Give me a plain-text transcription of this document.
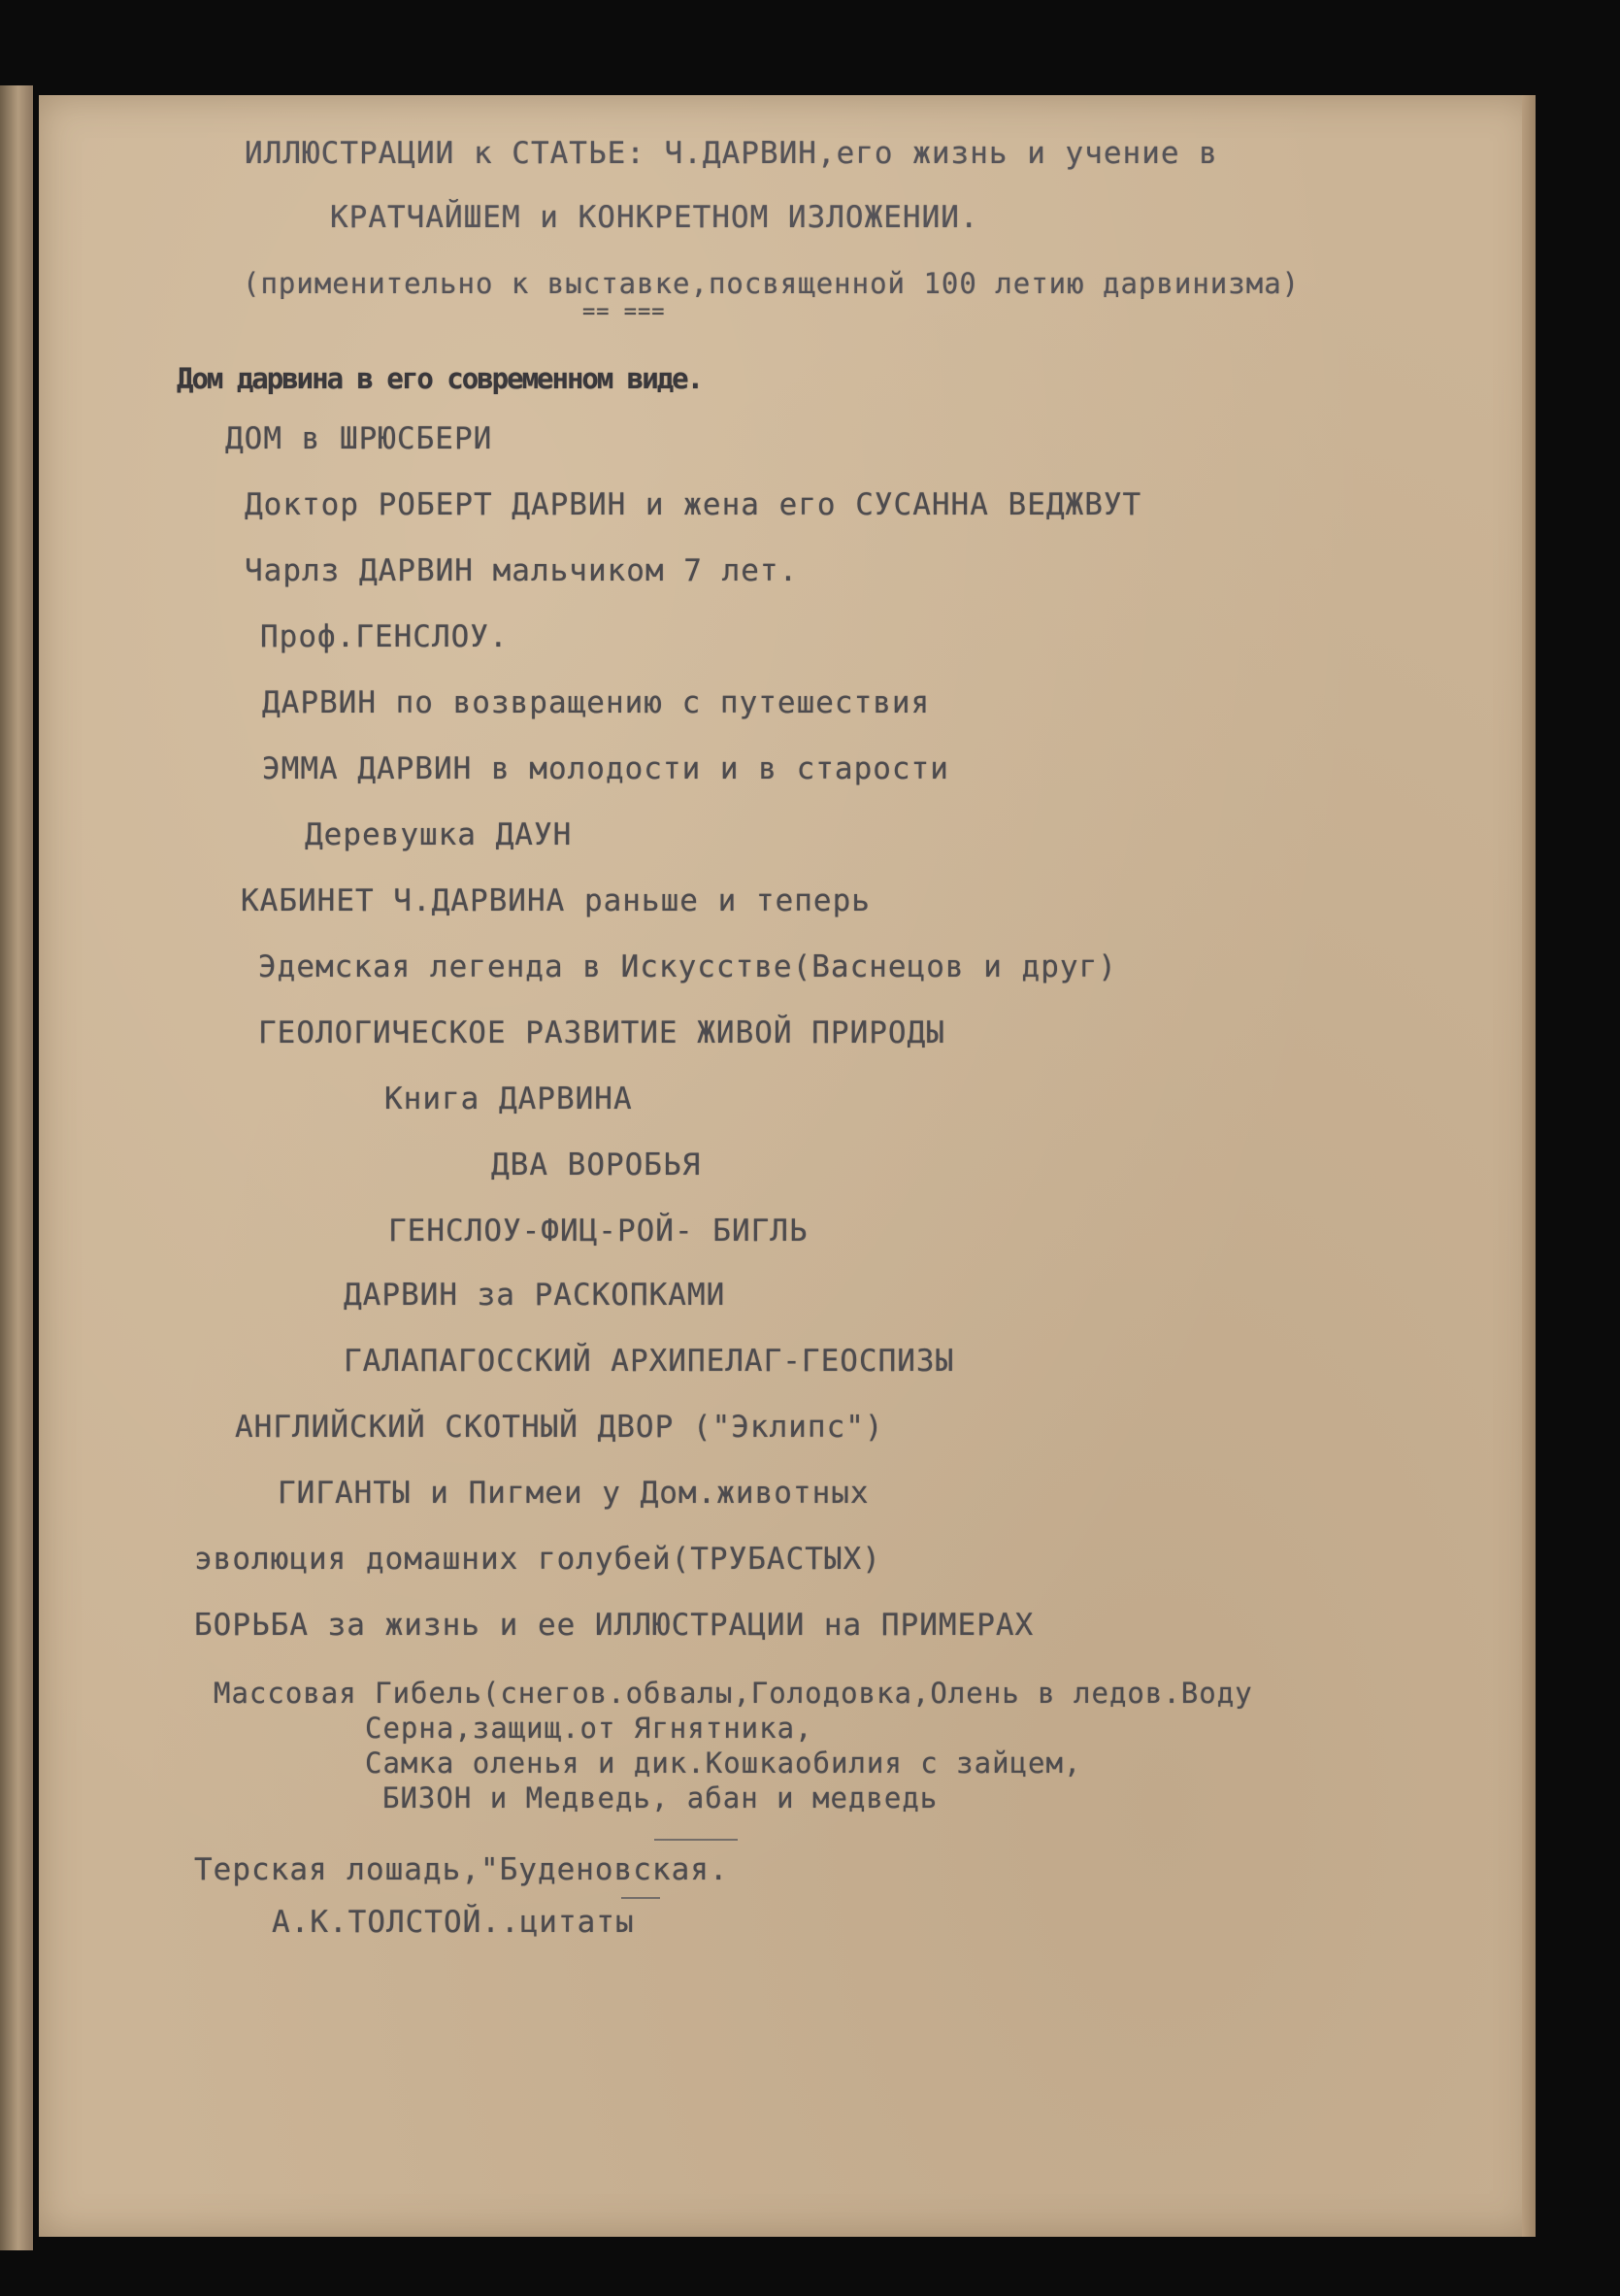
ИЛЛЮСТРАЦИИ к СТАТЬЕ: Ч.ДАРВИН,его жизнь и учение в
КРАТЧАЙШЕМ и КОНКРЕТНОМ ИЗЛОЖЕНИИ.
(применительно к выставке,посвященной 100 летию дарвинизма)
== ===
Дом дарвина в его современном виде.
ДОМ в ШРЮСБЕРИ
Доктор РОБЕРТ ДАРВИН и жена его СУСАННА ВЕДЖВУТ
Чарлз ДАРВИН мальчиком 7 лет.
Проф.ГЕНСЛОУ.
ДАРВИН по возвращению с путешествия
ЭММА ДАРВИН в молодости и в старости
Деревушка ДАУН
КАБИНЕТ Ч.ДАРВИНА раньше и теперь
Эдемская легенда в Искусстве(Васнецов и друг)
ГЕОЛОГИЧЕСКОЕ РАЗВИТИЕ ЖИВОЙ ПРИРОДЫ
Книга ДАРВИНА
ДВА ВОРОБЬЯ
ГЕНСЛОУ-ФИЦ-РОЙ- БИГЛЬ
ДАРВИН за РАСКОПКАМИ
ГАЛАПАГОССКИЙ АРХИПЕЛАГ-ГЕОСПИЗЫ
АНГЛИЙСКИЙ СКОТНЫЙ ДВОР ("Эклипс")
ГИГАНТЫ и Пигмеи у Дом.животных
эволюция домашних голубей(ТРУБАСТЫХ)
БОРЬБА за жизнь и ее ИЛЛЮСТРАЦИИ на ПРИМЕРАХ
Массовая Гибель(снегов.обвалы,Голодовка,Олень в ледов.Воду
Серна,защищ.от Ягнятника,
Самка оленья и дик.Кошкаобилия с зайцем,
БИЗОН и Медведь, абан и медведь
Терская лошадь,"Буденовская.
А.К.ТОЛСТОЙ..цитаты
